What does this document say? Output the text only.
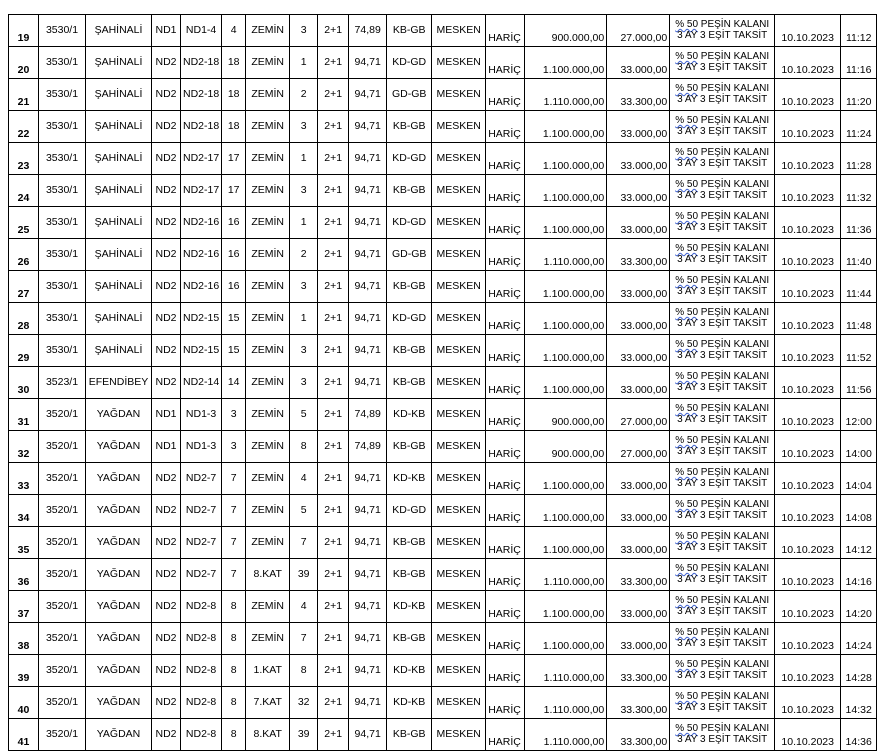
19	3530/1	ŞAHİNALİ	ND1	ND1-4	4	ZEMİN	3	2+1	74,89	KB-GB	MESKEN	HARİÇ	900.000,00	27.000,00	% 50 PEŞİN KALANI 3 AY 3 EŞİT TAKSİT	10.10.2023	11:12
20	3530/1	ŞAHİNALİ	ND2	ND2-18	18	ZEMİN	1	2+1	94,71	KD-GD	MESKEN	HARİÇ	1.100.000,00	33.000,00	% 50 PEŞİN KALANI 3 AY 3 EŞİT TAKSİT	10.10.2023	11:16
21	3530/1	ŞAHİNALİ	ND2	ND2-18	18	ZEMİN	2	2+1	94,71	GD-GB	MESKEN	HARİÇ	1.110.000,00	33.300,00	% 50 PEŞİN KALANI 3 AY 3 EŞİT TAKSİT	10.10.2023	11:20
22	3530/1	ŞAHİNALİ	ND2	ND2-18	18	ZEMİN	3	2+1	94,71	KB-GB	MESKEN	HARİÇ	1.100.000,00	33.000,00	% 50 PEŞİN KALANI 3 AY 3 EŞİT TAKSİT	10.10.2023	11:24
23	3530/1	ŞAHİNALİ	ND2	ND2-17	17	ZEMİN	1	2+1	94,71	KD-GD	MESKEN	HARİÇ	1.100.000,00	33.000,00	% 50 PEŞİN KALANI 3 AY 3 EŞİT TAKSİT	10.10.2023	11:28
24	3530/1	ŞAHİNALİ	ND2	ND2-17	17	ZEMİN	3	2+1	94,71	KB-GB	MESKEN	HARİÇ	1.100.000,00	33.000,00	% 50 PEŞİN KALANI 3 AY 3 EŞİT TAKSİT	10.10.2023	11:32
25	3530/1	ŞAHİNALİ	ND2	ND2-16	16	ZEMİN	1	2+1	94,71	KD-GD	MESKEN	HARİÇ	1.100.000,00	33.000,00	% 50 PEŞİN KALANI 3 AY 3 EŞİT TAKSİT	10.10.2023	11:36
26	3530/1	ŞAHİNALİ	ND2	ND2-16	16	ZEMİN	2	2+1	94,71	GD-GB	MESKEN	HARİÇ	1.110.000,00	33.300,00	% 50 PEŞİN KALANI 3 AY 3 EŞİT TAKSİT	10.10.2023	11:40
27	3530/1	ŞAHİNALİ	ND2	ND2-16	16	ZEMİN	3	2+1	94,71	KB-GB	MESKEN	HARİÇ	1.100.000,00	33.000,00	% 50 PEŞİN KALANI 3 AY 3 EŞİT TAKSİT	10.10.2023	11:44
28	3530/1	ŞAHİNALİ	ND2	ND2-15	15	ZEMİN	1	2+1	94,71	KD-GD	MESKEN	HARİÇ	1.100.000,00	33.000,00	% 50 PEŞİN KALANI 3 AY 3 EŞİT TAKSİT	10.10.2023	11:48
29	3530/1	ŞAHİNALİ	ND2	ND2-15	15	ZEMİN	3	2+1	94,71	KB-GB	MESKEN	HARİÇ	1.100.000,00	33.000,00	% 50 PEŞİN KALANI 3 AY 3 EŞİT TAKSİT	10.10.2023	11:52
30	3523/1	EFENDİBEY	ND2	ND2-14	14	ZEMİN	3	2+1	94,71	KB-GB	MESKEN	HARİÇ	1.100.000,00	33.000,00	% 50 PEŞİN KALANI 3 AY 3 EŞİT TAKSİT	10.10.2023	11:56
31	3520/1	YAĞDAN	ND1	ND1-3	3	ZEMİN	5	2+1	74,89	KD-KB	MESKEN	HARİÇ	900.000,00	27.000,00	% 50 PEŞİN KALANI 3 AY 3 EŞİT TAKSİT	10.10.2023	12:00
32	3520/1	YAĞDAN	ND1	ND1-3	3	ZEMİN	8	2+1	74,89	KB-GB	MESKEN	HARİÇ	900.000,00	27.000,00	% 50 PEŞİN KALANI 3 AY 3 EŞİT TAKSİT	10.10.2023	14:00
33	3520/1	YAĞDAN	ND2	ND2-7	7	ZEMİN	4	2+1	94,71	KD-KB	MESKEN	HARİÇ	1.100.000,00	33.000,00	% 50 PEŞİN KALANI 3 AY 3 EŞİT TAKSİT	10.10.2023	14:04
34	3520/1	YAĞDAN	ND2	ND2-7	7	ZEMİN	5	2+1	94,71	KD-GD	MESKEN	HARİÇ	1.100.000,00	33.000,00	% 50 PEŞİN KALANI 3 AY 3 EŞİT TAKSİT	10.10.2023	14:08
35	3520/1	YAĞDAN	ND2	ND2-7	7	ZEMİN	7	2+1	94,71	KB-GB	MESKEN	HARİÇ	1.100.000,00	33.000,00	% 50 PEŞİN KALANI 3 AY 3 EŞİT TAKSİT	10.10.2023	14:12
36	3520/1	YAĞDAN	ND2	ND2-7	7	8.KAT	39	2+1	94,71	KB-GB	MESKEN	HARİÇ	1.110.000,00	33.300,00	% 50 PEŞİN KALANI 3 AY 3 EŞİT TAKSİT	10.10.2023	14:16
37	3520/1	YAĞDAN	ND2	ND2-8	8	ZEMİN	4	2+1	94,71	KD-KB	MESKEN	HARİÇ	1.100.000,00	33.000,00	% 50 PEŞİN KALANI 3 AY 3 EŞİT TAKSİT	10.10.2023	14:20
38	3520/1	YAĞDAN	ND2	ND2-8	8	ZEMİN	7	2+1	94,71	KB-GB	MESKEN	HARİÇ	1.100.000,00	33.000,00	% 50 PEŞİN KALANI 3 AY 3 EŞİT TAKSİT	10.10.2023	14:24
39	3520/1	YAĞDAN	ND2	ND2-8	8	1.KAT	8	2+1	94,71	KD-KB	MESKEN	HARİÇ	1.110.000,00	33.300,00	% 50 PEŞİN KALANI 3 AY 3 EŞİT TAKSİT	10.10.2023	14:28
40	3520/1	YAĞDAN	ND2	ND2-8	8	7.KAT	32	2+1	94,71	KD-KB	MESKEN	HARİÇ	1.110.000,00	33.300,00	% 50 PEŞİN KALANI 3 AY 3 EŞİT TAKSİT	10.10.2023	14:32
41	3520/1	YAĞDAN	ND2	ND2-8	8	8.KAT	39	2+1	94,71	KB-GB	MESKEN	HARİÇ	1.110.000,00	33.300,00	% 50 PEŞİN KALANI 3 AY 3 EŞİT TAKSİT	10.10.2023	14:36
